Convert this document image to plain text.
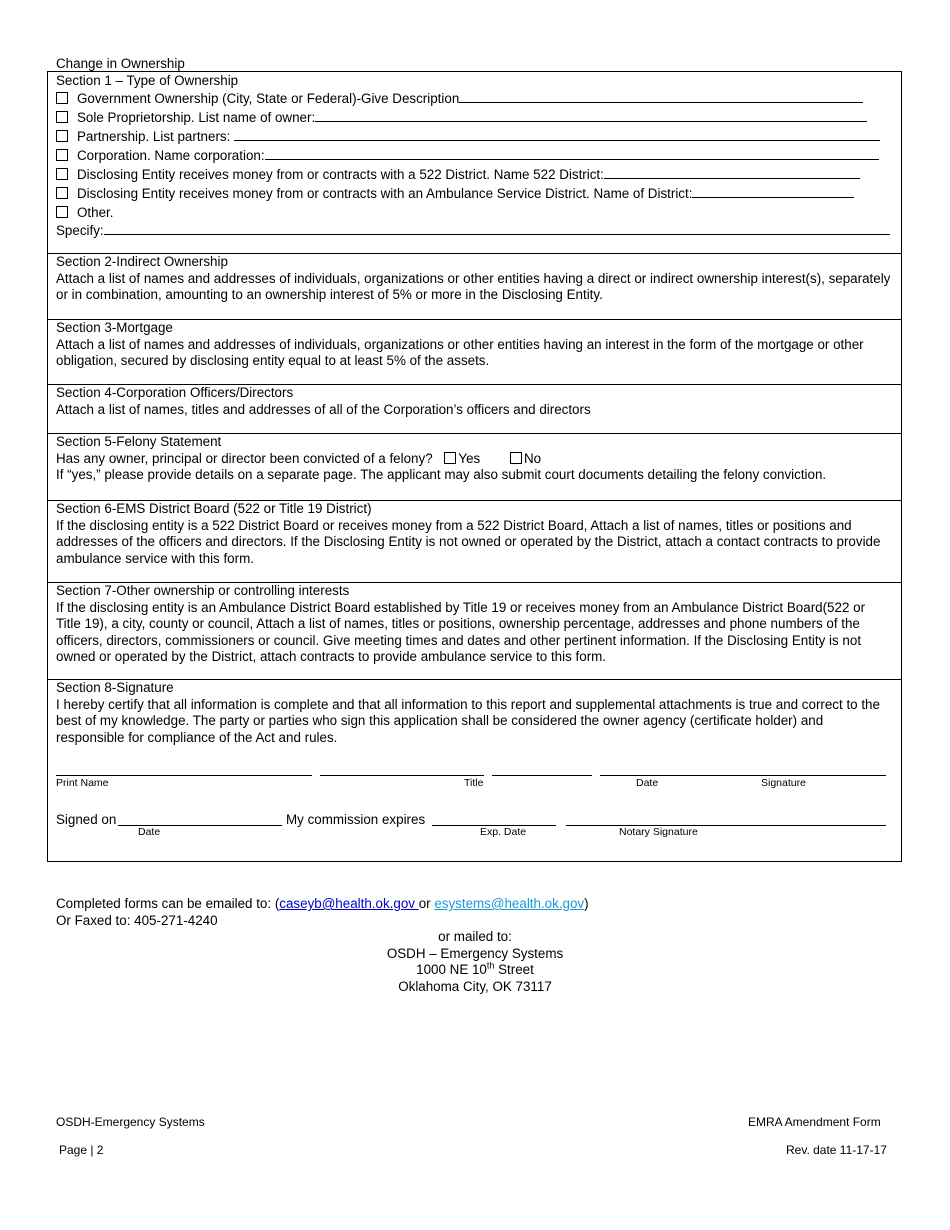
Change in Ownership
Section 1 – Type of Ownership
Government Ownership (City, State or Federal)-Give Description
Sole Proprietorship. List name of owner:
Partnership. List partners:
Corporation. Name corporation:
Disclosing Entity receives money from or contracts with a 522 District. Name 522 District:
Disclosing Entity receives money from or contracts with an Ambulance Service District. Name of District:
Other.
Specify:
Section 2-Indirect Ownership
Attach a list of names and addresses of individuals, organizations or other entities having a direct or indirect ownership interest(s), separately or in combination, amounting to an ownership interest of 5% or more in the Disclosing Entity.
Section 3-Mortgage
Attach a list of names and addresses of individuals, organizations or other entities having an interest in the form of the mortgage or other obligation, secured by disclosing entity equal to at least 5% of the assets.
Section 4-Corporation Officers/Directors
Attach a list of names, titles and addresses of all of the Corporation’s officers and directors
Section 5-Felony Statement
Has any owner, principal or director been convicted of a felony? Yes	No
If “yes,” please provide details on a separate page. The applicant may also submit court documents detailing the felony conviction.
Section 6-EMS District Board (522 or Title 19 District)
If the disclosing entity is a 522 District Board or receives money from a 522 District Board, Attach a list of names, titles or positions and addresses of the officers and directors. If the Disclosing Entity is not owned or operated by the District, attach a contact contracts to provide ambulance service with this form.
Section 7-Other ownership or controlling interests
If the disclosing entity is an Ambulance District Board established by Title 19 or receives money from an Ambulance District Board(522 or Title 19), a city, county or council, Attach a list of names, titles or positions, ownership percentage, addresses and phone numbers of the officers, directors, commissioners or council. Give meeting times and dates and other pertinent information. If the Disclosing Entity is not owned or operated by the District, attach contracts to provide ambulance service to this form.
Section 8-Signature
I hereby certify that all information is complete and that all information to this report and supplemental attachments is true and correct to the best of my knowledge. The party or parties who sign this application shall be considered the owner agency (certificate holder) and responsible for compliance of the Act and rules.
Print Name	Title	Date	Signature
Signed on	My commission expires
Date	Exp. Date	Notary Signature
Completed forms can be emailed to: (caseyb@health.ok.gov or esystems@health.ok.gov)
Or Faxed to: 405-271-4240
or mailed to:
OSDH – Emergency Systems
1000 NE 10th Street
Oklahoma City, OK 73117
OSDH-Emergency Systems	EMRA Amendment Form
Page | 2	Rev. date 11-17-17
